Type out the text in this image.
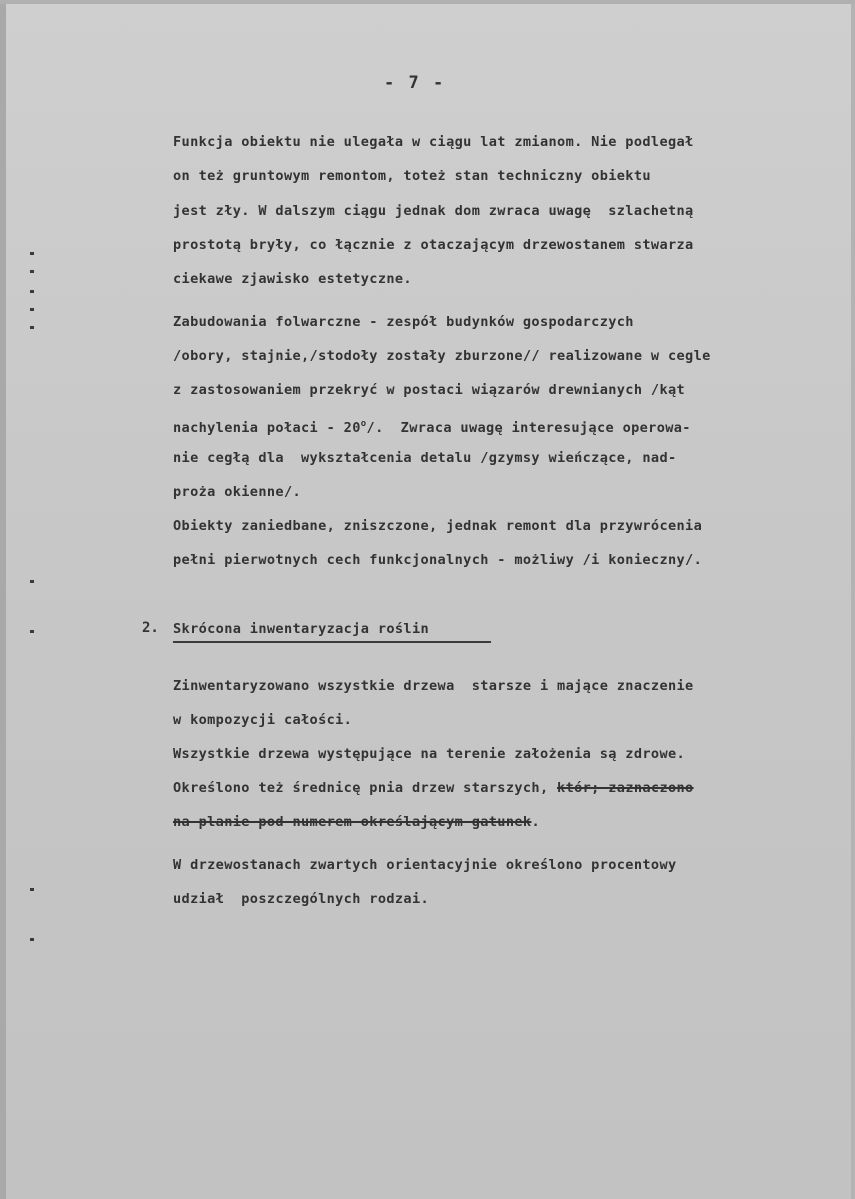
- 7 -
Funkcja obiektu nie ulegała w ciągu lat zmianom. Nie podlegał
on też gruntowym remontom, toteż stan techniczny obiektu
jest zły. W dalszym ciągu jednak dom zwraca uwagę  szlachetną
prostotą bryły, co łącznie z otaczającym drzewostanem stwarza
ciekawe zjawisko estetyczne.
Zabudowania folwarczne - zespół budynków gospodarczych
/obory, stajnie,/stodoły zostały zburzone// realizowane w cegle
z zastosowaniem przekryć w postaci wiązarów drewnianych /kąt
nachylenia połaci - 20$^o$/.  Zwraca uwagę interesujące operowa-
nie cegłą dla  wykształcenia detalu /gzymsy wieńczące, nad-
proża okienne/.
Obiekty zaniedbane, zniszczone, jednak remont dla przywrócenia
pełni pierwotnych cech funkcjonalnych - możliwy /i konieczny/.
2. Skrócona inwentaryzacja roślin
Zinwentaryzowano wszystkie drzewa  starsze i mające znaczenie
w kompozycji całości.
Wszystkie drzewa występujące na terenie założenia są zdrowe.
Określono też średnicę pnia drzew starszych, któr; zaznaczono
na planie pod numerem określającym gatunek.
W drzewostanach zwartych orientacyjnie określono procentowy
udział  poszczególnych rodzai.
